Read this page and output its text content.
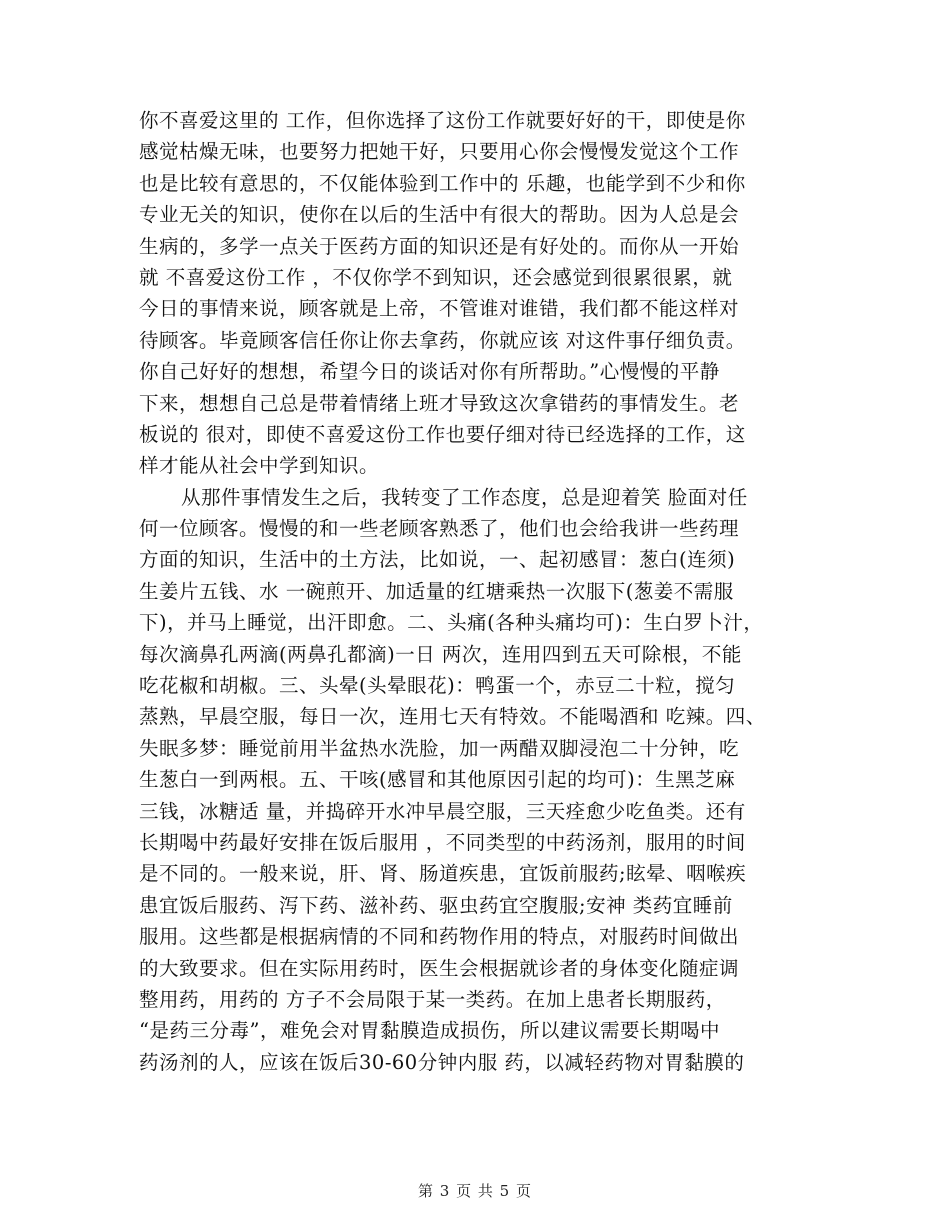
你不喜爱这里的 工作，但你选择了这份工作就要好好的干，即使是你
感觉枯燥无味，也要努力把她干好，只要用心你会慢慢发觉这个工作
也是比较有意思的，不仅能体验到工作中的 乐趣，也能学到不少和你
专业无关的知识，使你在以后的生活中有很大的帮助。因为人总是会
生病的，多学一点关于医药方面的知识还是有好处的。而你从一开始
就 不喜爱这份工作 ，不仅你学不到知识，还会感觉到很累很累，就
今日的事情来说，顾客就是上帝，不管谁对谁错，我们都不能这样对
待顾客。毕竟顾客信任你让你去拿药，你就应该 对这件事仔细负责。
你自己好好的想想，希望今日的谈话对你有所帮助。”心慢慢的平静
下来，想想自己总是带着情绪上班才导致这次拿错药的事情发生。老
板说的 很对，即使不喜爱这份工作也要仔细对待已经选择的工作，这
样才能从社会中学到知识。
从那件事情发生之后，我转变了工作态度，总是迎着笑 脸面对任
何一位顾客。慢慢的和一些老顾客熟悉了，他们也会给我讲一些药理
方面的知识，生活中的土方法，比如说，一、起初感冒：葱白(连须)
生姜片五钱、水 一碗煎开、加适量的红塘乘热一次服下(葱姜不需服
下)，并马上睡觉，出汗即愈。二、头痛(各种头痛均可)：生白罗卜汁，
每次滴鼻孔两滴(两鼻孔都滴)一日 两次，连用四到五天可除根，不能
吃花椒和胡椒。三、头晕(头晕眼花)：鸭蛋一个，赤豆二十粒，搅匀
蒸熟，早晨空服，每日一次，连用七天有特效。不能喝酒和 吃辣。四、
失眠多梦：睡觉前用半盆热水洗脸，加一两醋双脚浸泡二十分钟，吃
生葱白一到两根。五、干咳(感冒和其他原因引起的均可)：生黑芝麻
三钱，冰糖适 量，并捣碎开水冲早晨空服，三天痊愈少吃鱼类。还有
长期喝中药最好安排在饭后服用 ，不同类型的中药汤剂，服用的时间
是不同的。一般来说，肝、肾、肠道疾患，宜饭前服药;眩晕、咽喉疾
患宜饭后服药、泻下药、滋补药、驱虫药宜空腹服;安神 类药宜睡前
服用。这些都是根据病情的不同和药物作用的特点，对服药时间做出
的大致要求。但在实际用药时，医生会根据就诊者的身体变化随症调
整用药，用药的 方子不会局限于某一类药。在加上患者长期服药，
“是药三分毒”，难免会对胃黏膜造成损伤，所以建议需要长期喝中
药汤剂的人，应该在饭后30-60分钟内服 药，以减轻药物对胃黏膜的
第 3 页 共 5 页
